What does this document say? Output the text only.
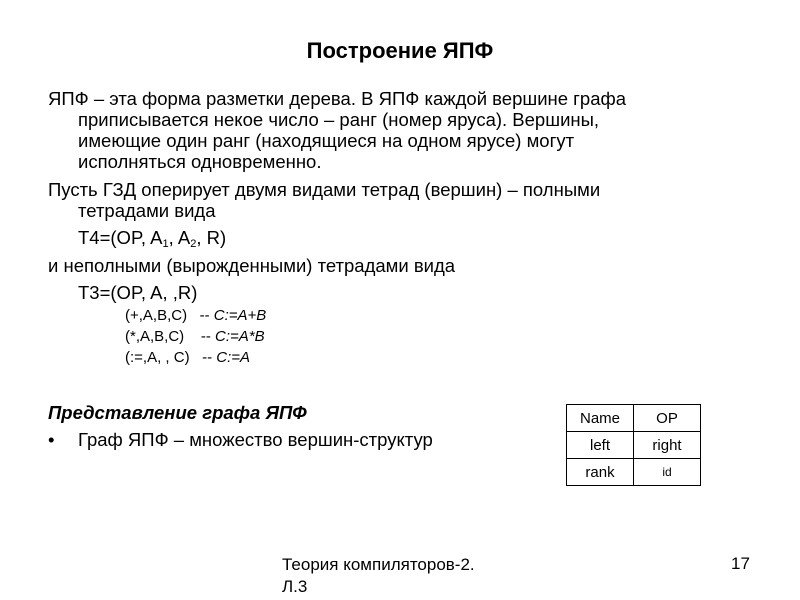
Построение ЯПФ
ЯПФ – эта форма разметки дерева. В ЯПФ каждой вершине графа
приписывается некое число – ранг (номер яруса). Вершины,
имеющие один ранг (находящиеся на одном ярусе) могут
исполняться одновременно.
Пусть ГЗД оперирует двумя видами тетрад (вершин) – полными
тетрадами вида
T4=(OP, A1, A2, R)
и неполными (вырожденными) тетрадами вида
T3=(OP, A, ,R)
(+,A,B,C)   -- C:=A+B
(*,A,B,C)    -- C:=A*B
(:=,A, , C)   -- C:=A
Представление графа ЯПФ
• Граф ЯПФ – множество вершин-структур
Name	OP
left	right
rank	id
Теория компиляторов-2.
Л.3
17
